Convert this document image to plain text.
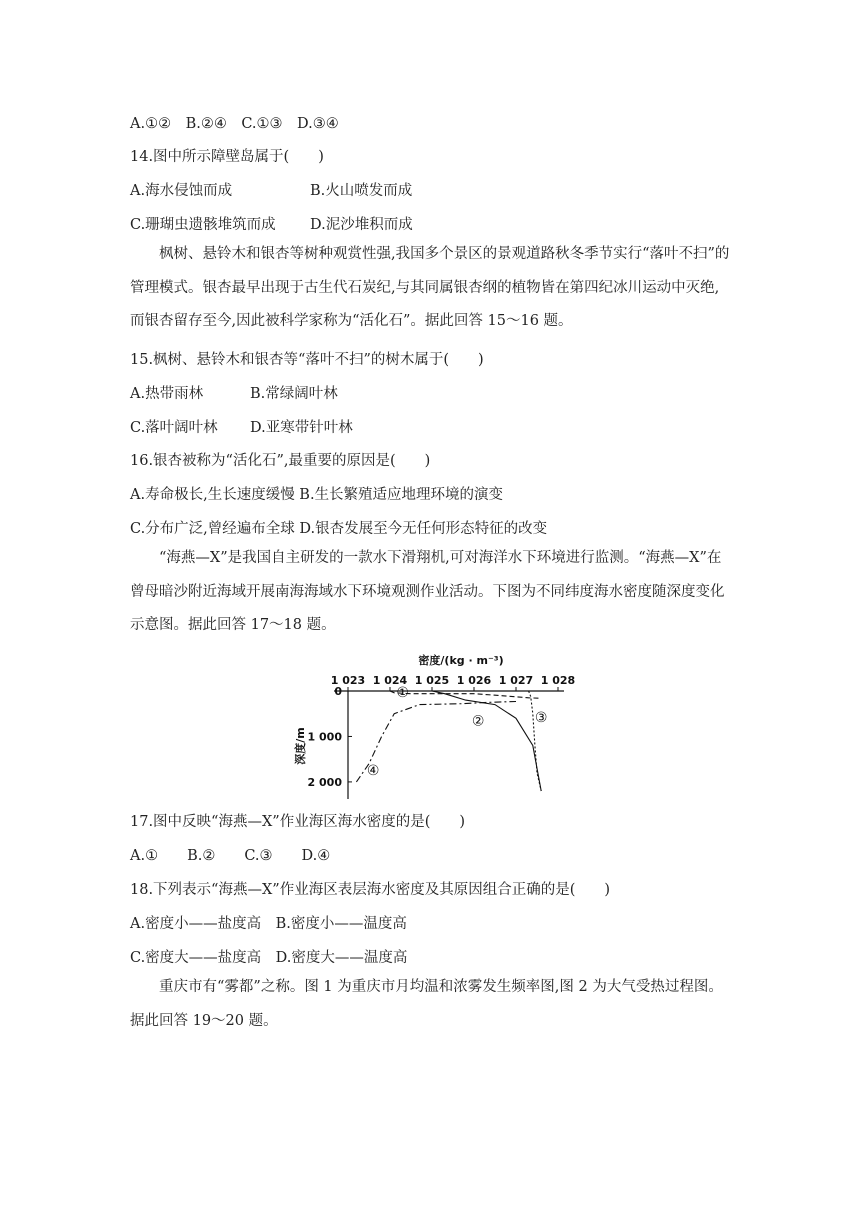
A.①②　B.②④　C.①③　D.③④
14.图中所示障壁岛属于(　　)
A.海水侵蚀而成	B.火山喷发而成
C.珊瑚虫遗骸堆筑而成 D.泥沙堆积而成

枫树、悬铃木和银杏等树种观赏性强,我国多个景区的景观道路秋冬季节实行“落叶不扫”的管理模式。银杏最早出现于古生代石炭纪,与其同属银杏纲的植物皆在第四纪冰川运动中灭绝,而银杏留存至今,因此被科学家称为“活化石”。据此回答 15～16 题。

15.枫树、悬铃木和银杏等“落叶不扫”的树木属于(　　)
A.热带雨林	B.常绿阔叶林
C.落叶阔叶林 D.亚寒带针叶林
16.银杏被称为“活化石”,最重要的原因是(　　)
A.寿命极长,生长速度缓慢 B.生长繁殖适应地理环境的演变
C.分布广泛,曾经遍布全球 D.银杏发展至今无任何形态特征的改变

“海燕—X”是我国自主研发的一款水下滑翔机,可对海洋水下环境进行监测。“海燕—X”在曾母暗沙附近海域开展南海海域水下环境观测作业活动。下图为不同纬度海水密度随深度变化示意图。据此回答 17～18 题。

密度/(kg · m⁻³)
1 023 1 024 1 025 1 026 1 027 1 028
0
1 000
2 000
深度/m
①
②	③
④
17.图中反映“海燕—X”作业海区海水密度的是(　　)
A.①　　B.②　　C.③　　D.④
18.下列表示“海燕—X”作业海区表层海水密度及其原因组合正确的是(　　)
A.密度小——盐度高　B.密度小——温度高
C.密度大——盐度高　D.密度大——温度高

重庆市有“雾都”之称。图 1 为重庆市月均温和浓雾发生频率图,图 2 为大气受热过程图。据此回答 19～20 题。
